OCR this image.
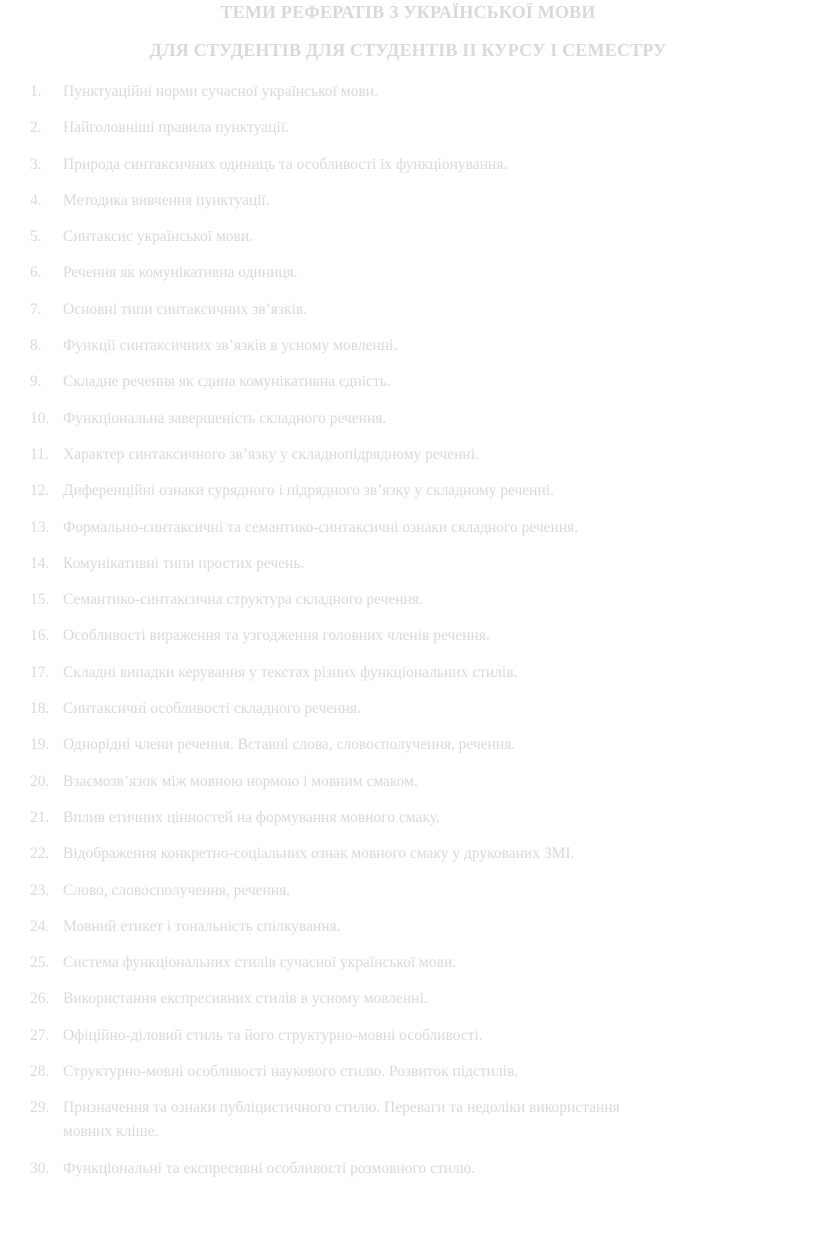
ТЕМИ РЕФЕРАТІВ З УКРАЇНСЬКОЇ МОВИ
ДЛЯ СТУДЕНТІВ ДЛЯ СТУДЕНТІВ ІІ КУРСУ І СЕМЕСТРУ
1. Пунктуаційні норми сучасної української мови.
2. Найголовніші правила пунктуації.
3. Природа синтаксичних одиниць та особливості їх функціонування.
4. Методика вивчення пунктуації.
5. Синтаксис української мови.
6. Речення як комунікативна одиниця.
7. Основні типи синтаксичних зв’язків.
8. Функції синтаксичних зв’язків в усному мовленні.
9. Складне речення як єдина комунікативна єдність.
10. Функціональна завершеність складного речення.
11. Характер синтаксичного зв’язку у складнопідрядному реченні.
12. Диференційні ознаки сурядного і підрядного зв’язку у складному реченні.
13. Формально-синтаксичні та семантико-синтаксичні ознаки складного речення.
14. Комунікативні типи простих речень.
15. Семантико-синтаксична структура складного речення.
16. Особливості вираження та узгодження головних членів речення.
17. Складні випадки керування у текстах різних функціональних стилів.
18. Синтаксичні особливості складного речення.
19. Однорідні члени речення. Вставні слова, словосполучення, речення.
20. Взаємозв’язок між мовною нормою і мовним смаком.
21. Вплив етичних цінностей на формування мовного смаку.
22. Відображення конкретно-соціальних ознак мовного смаку у друкованих ЗМІ.
23. Слово, словосполучення, речення.
24. Мовний етикет і тональність спілкування.
25. Система функціональних стилів сучасної української мови.
26. Використання експресивних стилів в усному мовленні.
27. Офіційно-діловий стиль та його структурно-мовні особливості.
28. Структурно-мовні особливості наукового стилю. Розвиток підстилів.
29. Призначення та ознаки публіцистичного стилю. Переваги та недоліки використання
мовних кліше.
30. Функціональні та експресивні особливості розмовного стилю.
